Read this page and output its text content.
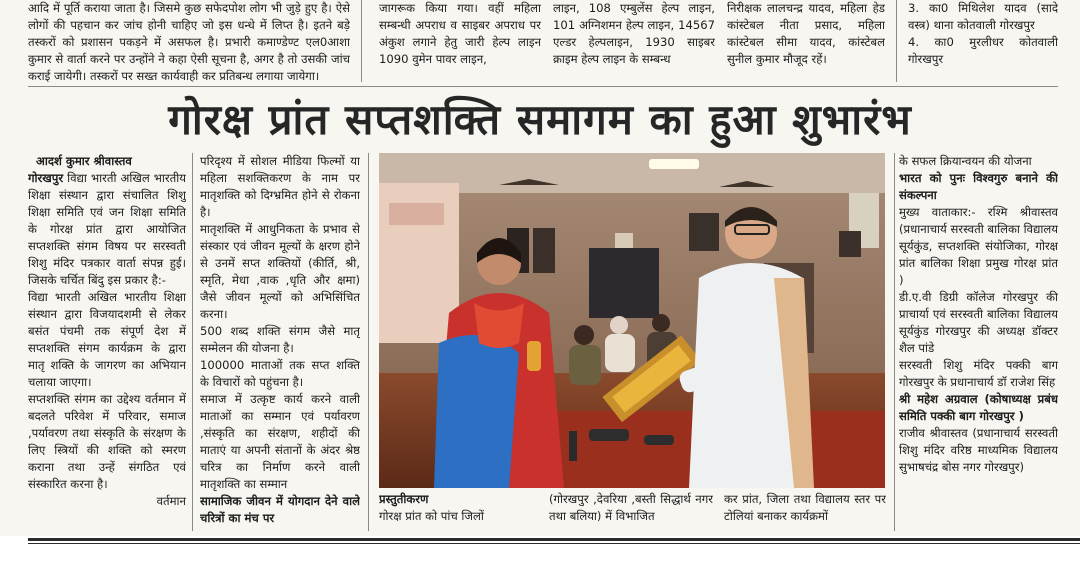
आदि में पूर्ति कराया जाता है। जिसमे कुछ सफेदपोश लोग भी जुड़े हुए है। ऐसे लोगों की पहचान कर जांच होनी चाहिए जो इस धन्धे में लिप्त है। इतने बड़े तस्करों को प्रशासन पकड़ने में असफल है। प्रभारी कमाण्डेण्ट एल0आशा कुमार से वार्ता करने पर उन्होंने ने कहा ऐसी सूचना है, अगर है तो उसकी जांच कराई जायेगी। तस्करों पर सख्त कार्यवाही कर प्रतिबन्ध लगाया जायेगा।
जागरूक किया गया। वहीं महिला सम्बन्धी अपराध व साइबर अपराध पर अंकुश लगाने हेतु जारी हेल्प लाइन 1090 वुमेन पावर लाइन,
लाइन, 108 एम्बुलेंस हेल्प लाइन, 101 अग्निशमन हेल्प लाइन, 14567 एल्डर हेल्पलाइन, 1930 साइबर क्राइम हेल्प लाइन के सम्बन्ध
निरीक्षक लालचन्द्र यादव, महिला हेड कांस्टेबल नीता प्रसाद, महिला कांस्टेबल सीमा यादव, कांस्टेबल सुनील कुमार मौजूद रहें।

3. का0 मिथिलेश यादव (सादे वस्त्र) थाना कोतवाली गोरखपुर

4. का0 मुरलीधर कोतवाली गोरखपुर

गोरक्ष प्रांत सप्तशक्ति समागम का हुआ शुभारंभ

आदर्श कुमार श्रीवास्तव

गोरखपुर विद्या भारती अखिल भारतीय शिक्षा संस्थान द्वारा संचालित शिशु शिक्षा समिति एवं जन शिक्षा समिति के गोरक्ष प्रांत द्वारा आयोजित सप्तशक्ति संगम विषय पर सरस्वती शिशु मंदिर पत्रकार वार्ता संपन्न हुई। जिसके चर्चित बिंदु इस प्रकार है:-

विद्या भारती अखिल भारतीय शिक्षा संस्थान द्वारा विजयादशमी से लेकर बसंत पंचमी तक संपूर्ण देश में सप्तशक्ति संगम कार्यक्रम के द्वारा मातृ शक्ति के जागरण का अभियान चलाया जाएगा।

सप्तशक्ति संगम का उद्देश्य वर्तमान में बदलते परिवेश में परिवार, समाज ,पर्यावरण तथा संस्कृति के संरक्षण के लिए स्त्रियों की शक्ति को स्मरण कराना तथा उन्हें संगठित एवं संस्कारित करना है।

वर्तमान

परिदृश्य में सोशल मीडिया फिल्मों या महिला सशक्तिकरण के नाम पर मातृशक्ति को दिग्भ्रमित होने से रोकना है।

मातृशक्ति में आधुनिकता के प्रभाव से संस्कार एवं जीवन मूल्यों के क्षरण होने से उनमें सप्त शक्तियों (कीर्ति, श्री, स्मृति, मेधा ,वाक ,धृति और क्षमा) जैसे जीवन मूल्यों को अभिसिंचित करना।

500 शब्द शक्ति संगम जैसे मातृ सम्मेलन की योजना है।

100000 माताओं तक सप्त शक्ति के विचारों को पहुंचना है।

समाज में उत्कृष्ट कार्य करने वाली माताओं का सम्मान एवं पर्यावरण ,संस्कृति का संरक्षण, शहीदों की माताएं या अपनी संतानों के अंदर श्रेष्ठ चरित्र का निर्माण करने वाली मातृशक्ति का सम्मान

सामाजिक जीवन में योगदान देने वाले चरित्रों का मंच पर

प्रस्तुतीकरण

गोरक्ष प्रांत को पांच जिलों

(गोरखपुर ,देवरिया ,बस्ती सिद्धार्थ नगर तथा बलिया) में विभाजित
कर प्रांत, जिला तथा विद्यालय स्तर पर टोलियां बनाकर कार्यक्रमों

के सफल क्रियान्वयन की योजना

भारत को पुनः विश्वगुरु बनाने की संकल्पना

मुख्य वाताकार:- रश्मि श्रीवास्तव (प्रधानाचार्य सरस्वती बालिका विद्यालय सूर्यकुंड, सप्तशक्ति संयोजिका, गोरक्ष प्रांत बालिका शिक्षा प्रमुख गोरक्ष प्रांत )

डी.ए.वी डिग्री कॉलेज गोरखपुर की प्राचार्या एवं सरस्वती बालिका विद्यालय सूर्यकुंड गोरखपुर की अध्यक्ष डॉक्टर शैल पांडे

सरस्वती शिशु मंदिर पक्की बाग गोरखपुर के प्रधानाचार्य डॉ राजेश सिंह

श्री महेश अग्रवाल (कोषाध्यक्ष प्रबंध समिति पक्की बाग गोरखपुर )

राजीव श्रीवास्तव (प्रधानाचार्य सरस्वती शिशु मंदिर वरिष्ठ माध्यमिक विद्यालय सुभाषचंद्र बोस नगर गोरखपुर)
